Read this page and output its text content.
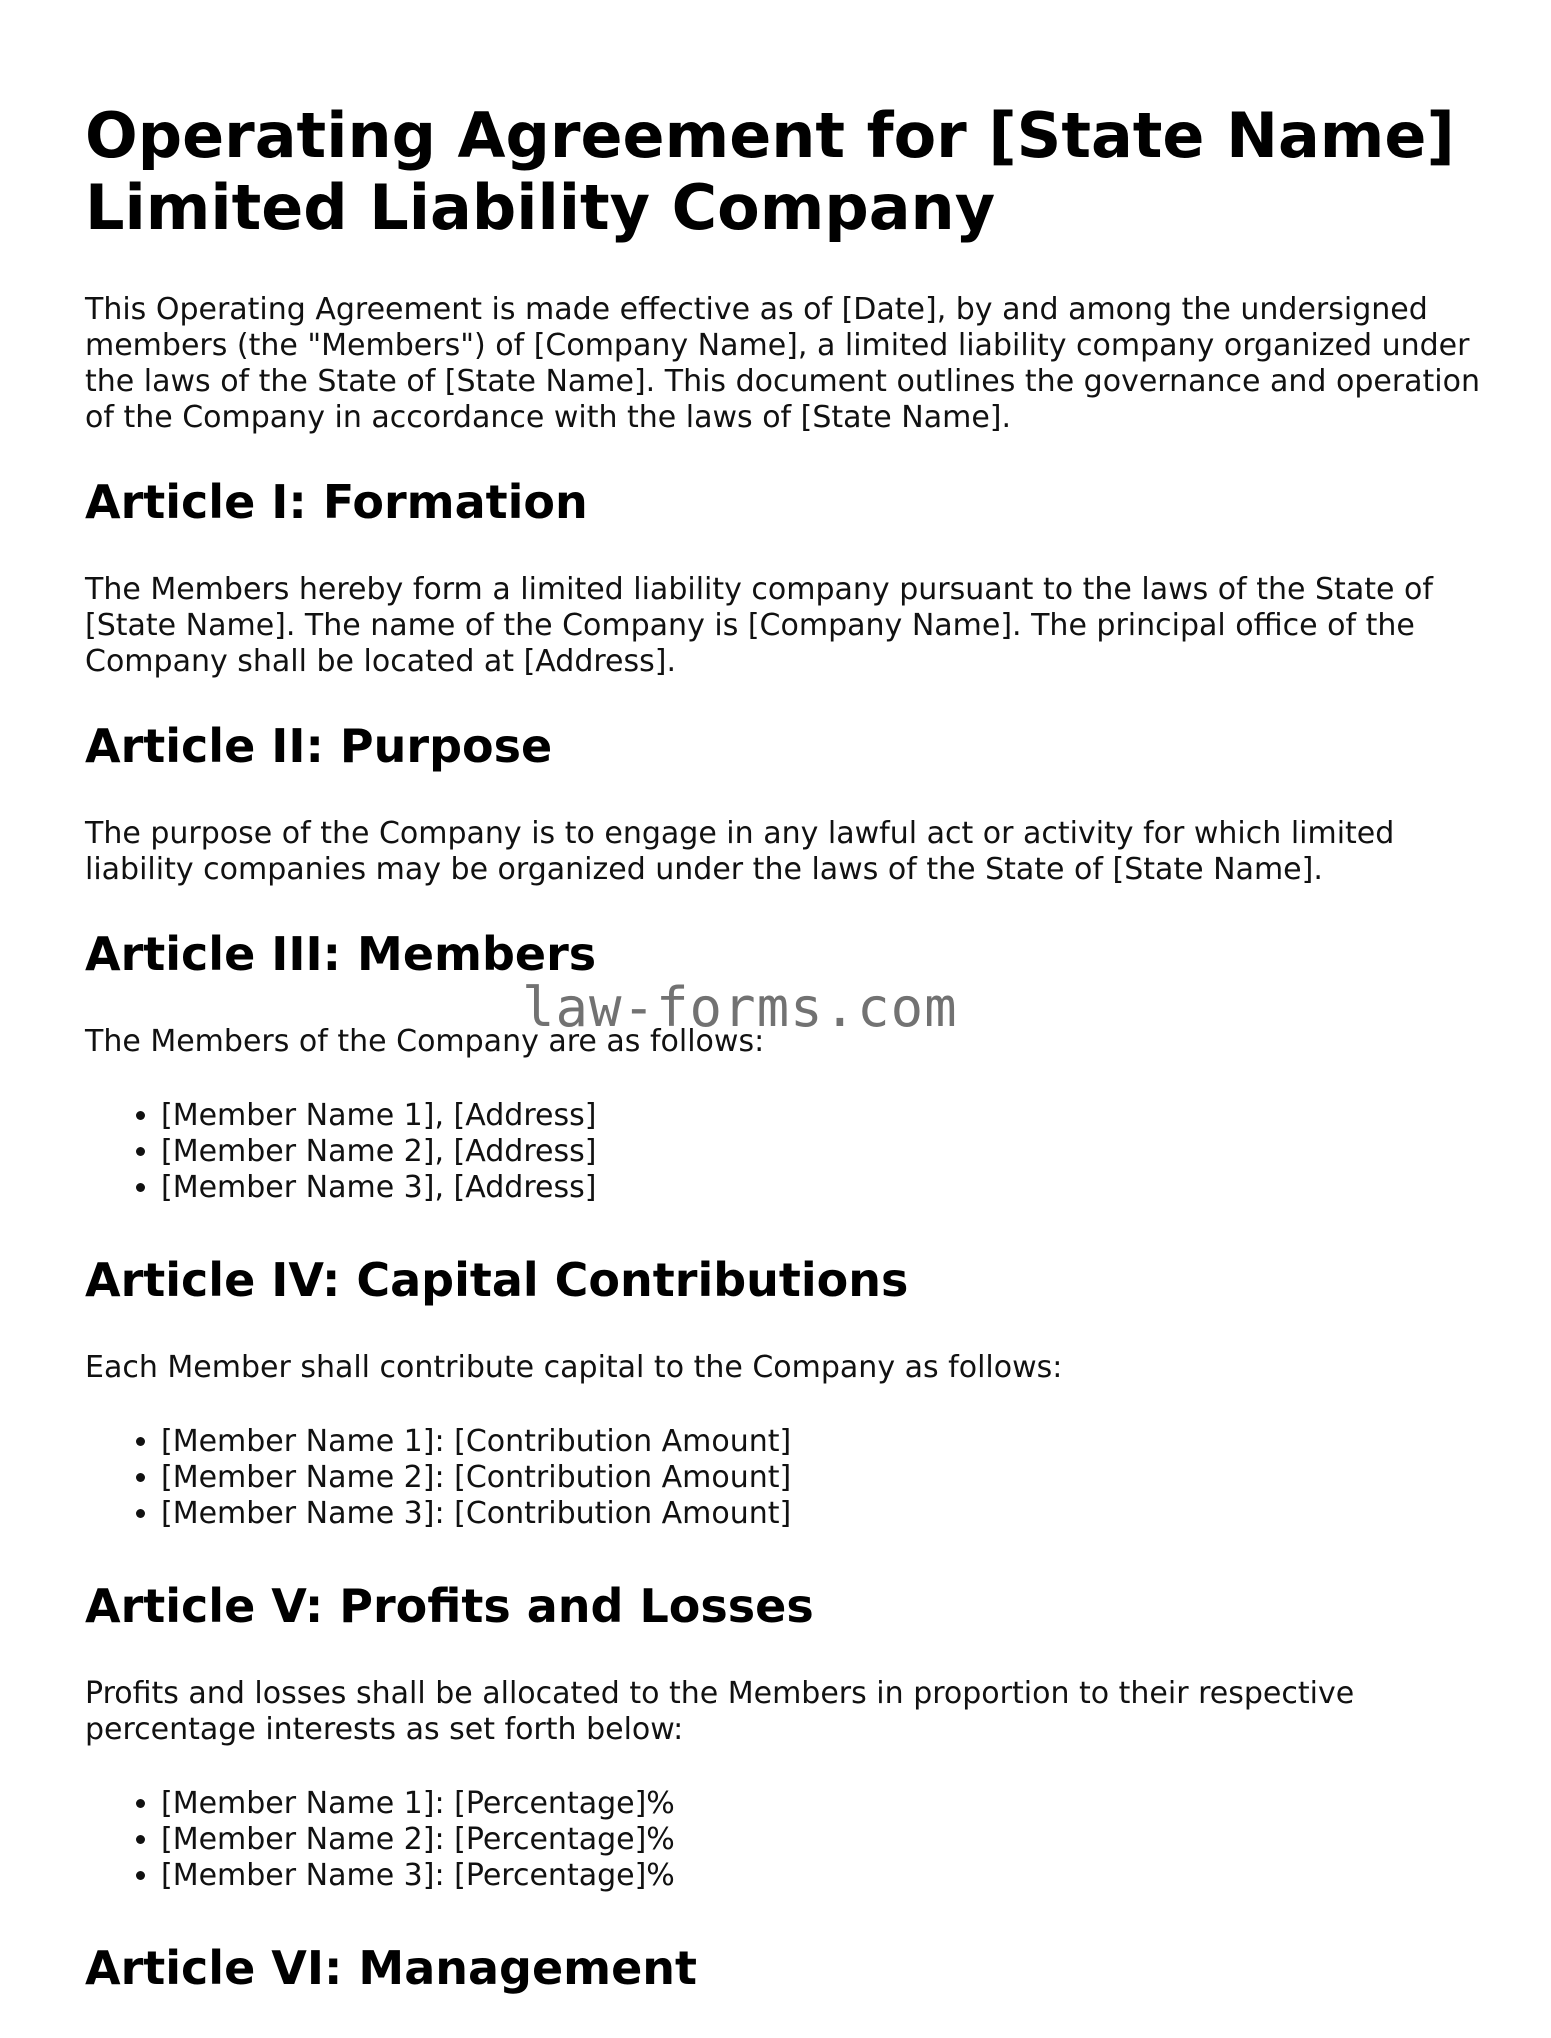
Operating Agreement for [State Name] Limited Liability Company

This Operating Agreement is made effective as of [Date], by and among the undersigned members (the "Members") of [Company Name], a limited liability company organized under the laws of the State of [State Name]. This document outlines the governance and operation of the Company in accordance with the laws of [State Name].

Article I: Formation

The Members hereby form a limited liability company pursuant to the laws of the State of [State Name]. The name of the Company is [Company Name]. The principal office of the Company shall be located at [Address].

Article II: Purpose

The purpose of the Company is to engage in any lawful act or activity for which limited liability companies may be organized under the laws of the State of [State Name].

Article III: Members

The Members of the Company are as follows:

• [Member Name 1], [Address]
• [Member Name 2], [Address]
• [Member Name 3], [Address]
Article IV: Capital Contributions

Each Member shall contribute capital to the Company as follows:

• [Member Name 1]: [Contribution Amount]
• [Member Name 2]: [Contribution Amount]
• [Member Name 3]: [Contribution Amount]
Article V: Profits and Losses

Profits and losses shall be allocated to the Members in proportion to their respective percentage interests as set forth below:

• [Member Name 1]: [Percentage]%
• [Member Name 2]: [Percentage]%
• [Member Name 3]: [Percentage]%
Article VI: Management
law-forms.com
